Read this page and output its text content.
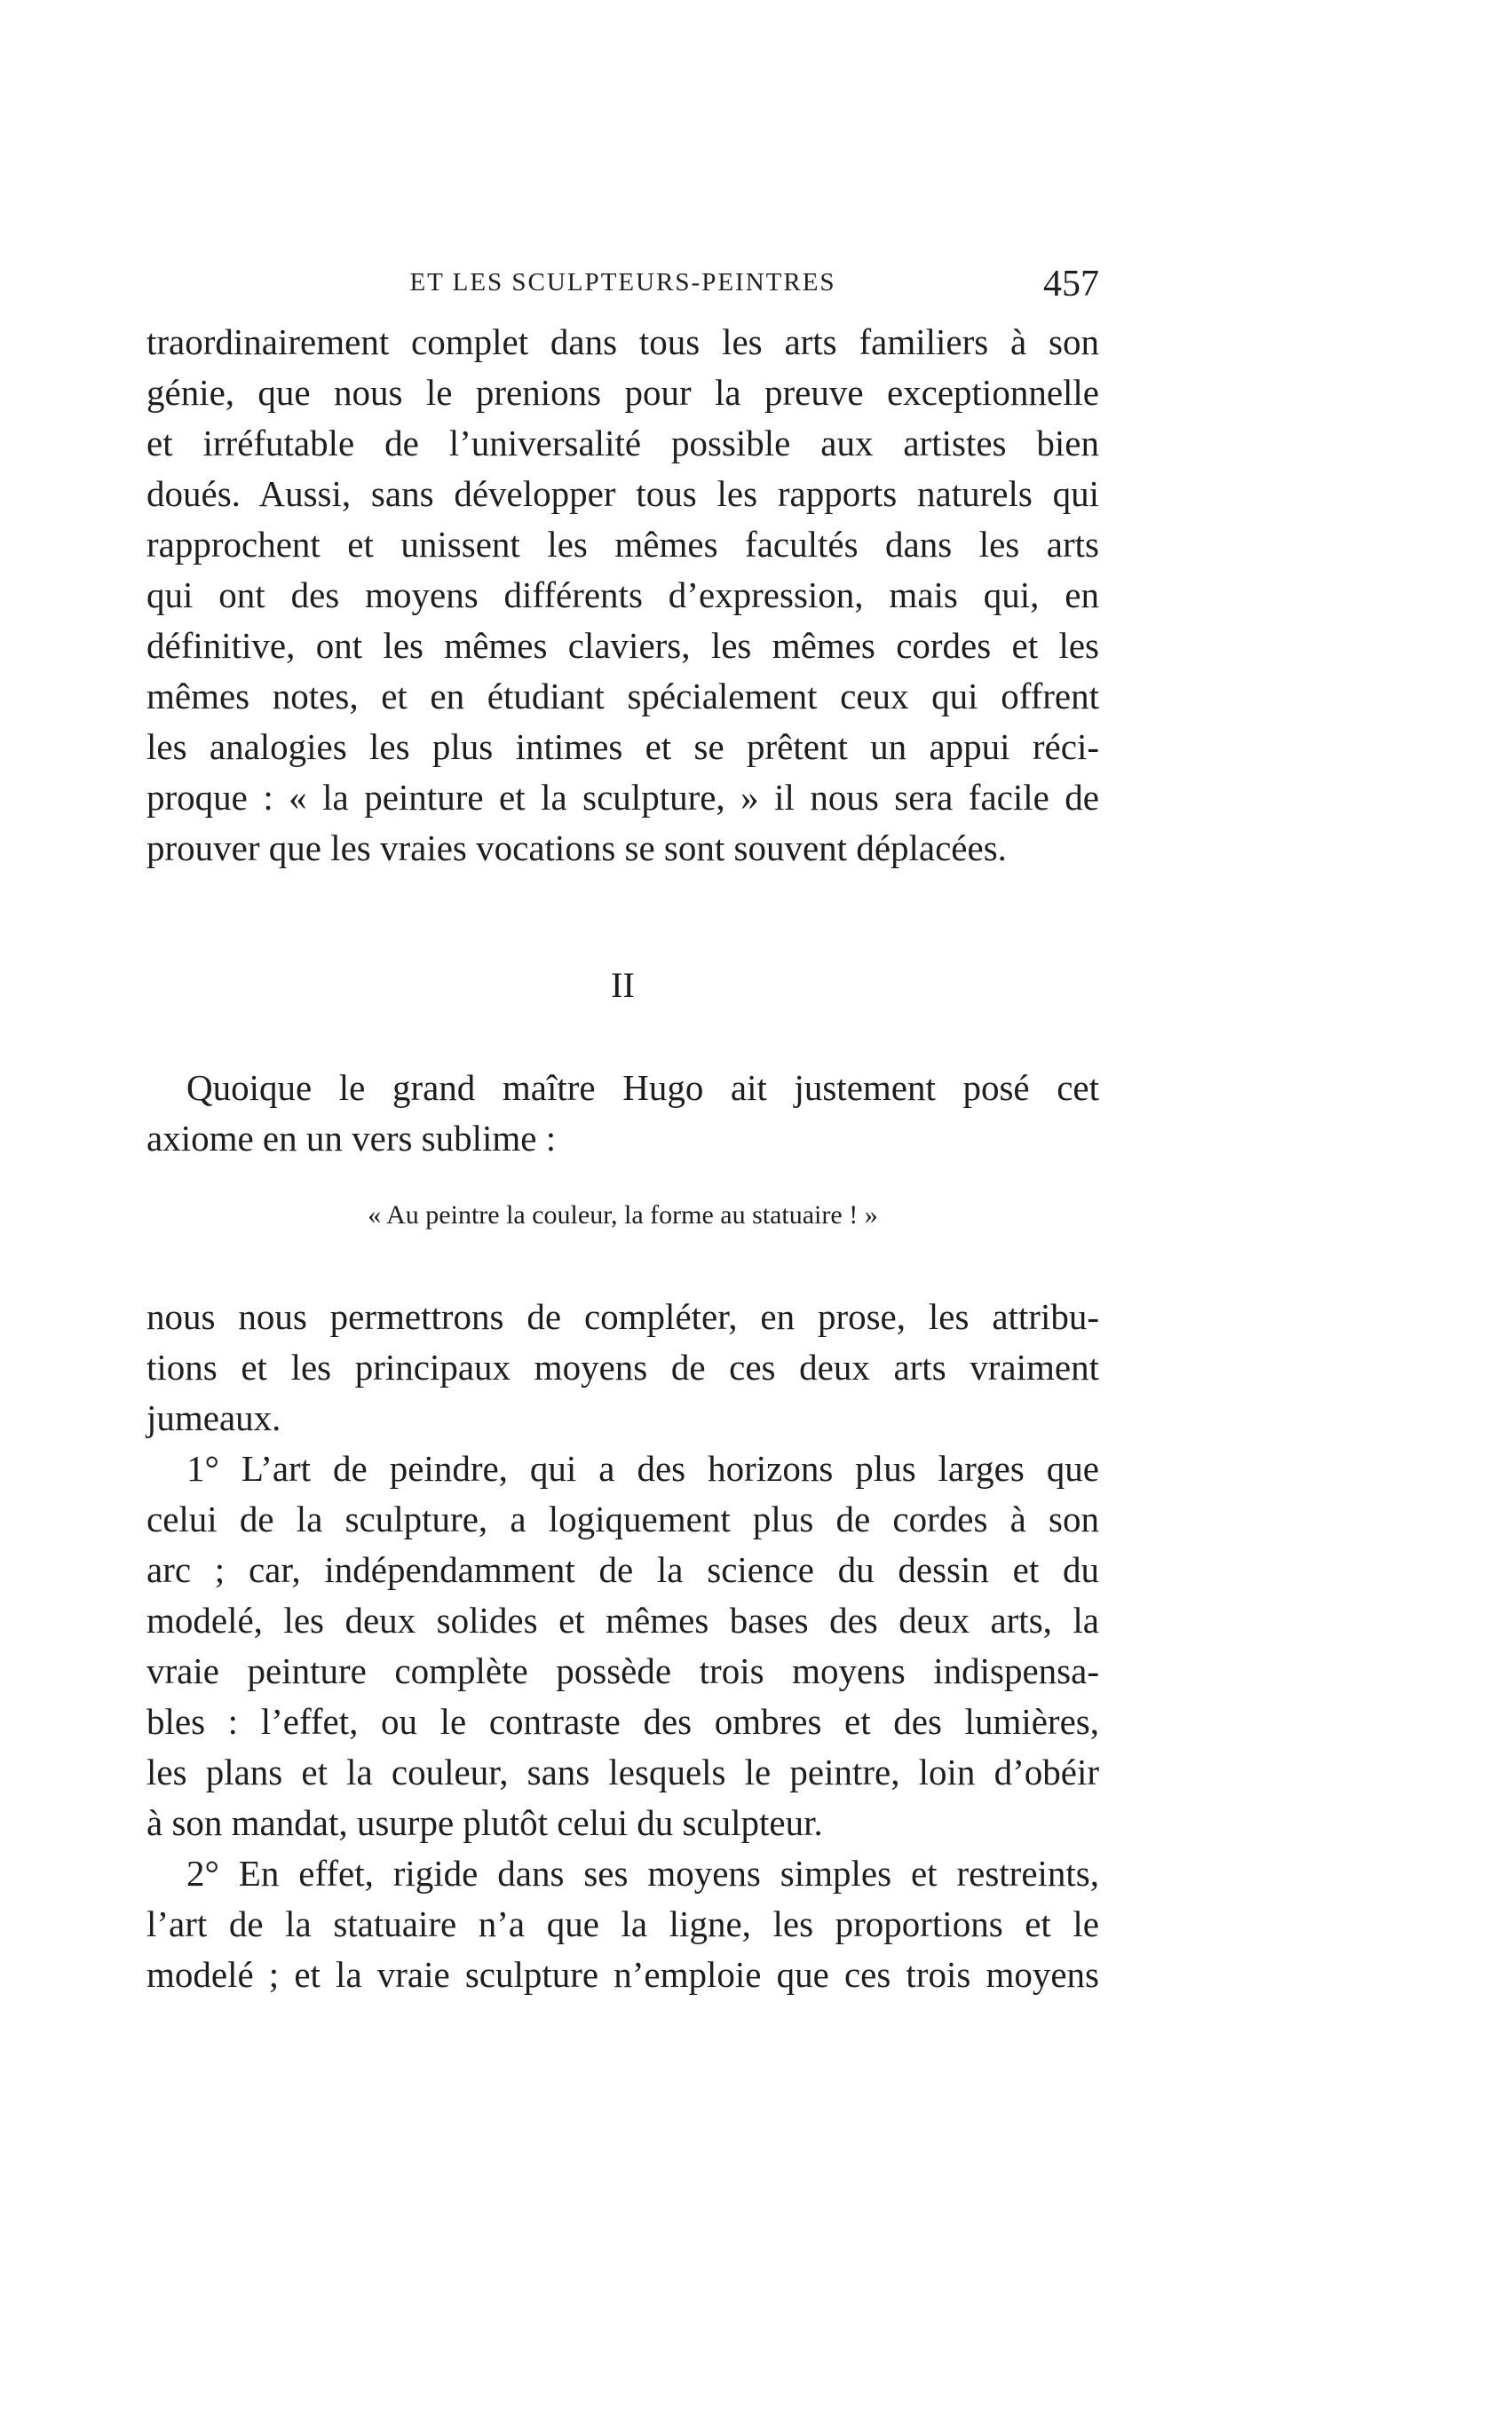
ET LES SCULPTEURS-PEINTRES	457
traordinairement complet dans tous les arts familiers à son
génie, que nous le prenions pour la preuve exceptionnelle
et irréfutable de l’universalité possible aux artistes bien
doués. Aussi, sans développer tous les rapports naturels qui
rapprochent et unissent les mêmes facultés dans les arts
qui ont des moyens différents d’expression, mais qui, en
définitive, ont les mêmes claviers, les mêmes cordes et les
mêmes notes, et en étudiant spécialement ceux qui offrent
les analogies les plus intimes et se prêtent un appui réci-
proque : « la peinture et la sculpture, » il nous sera facile de
prouver que les vraies vocations se sont souvent déplacées.
II
Quoique le grand maître Hugo ait justement posé cet
axiome en un vers sublime :
« Au peintre la couleur, la forme au statuaire ! »
nous nous permettrons de compléter, en prose, les attribu-
tions et les principaux moyens de ces deux arts vraiment
jumeaux.
1° L’art de peindre, qui a des horizons plus larges que
celui de la sculpture, a logiquement plus de cordes à son
arc ; car, indépendamment de la science du dessin et du
modelé, les deux solides et mêmes bases des deux arts, la
vraie peinture complète possède trois moyens indispensa-
bles : l’effet, ou le contraste des ombres et des lumières,
les plans et la couleur, sans lesquels le peintre, loin d’obéir
à son mandat, usurpe plutôt celui du sculpteur.
2° En effet, rigide dans ses moyens simples et restreints,
l’art de la statuaire n’a que la ligne, les proportions et le
modelé ; et la vraie sculpture n’emploie que ces trois moyens
